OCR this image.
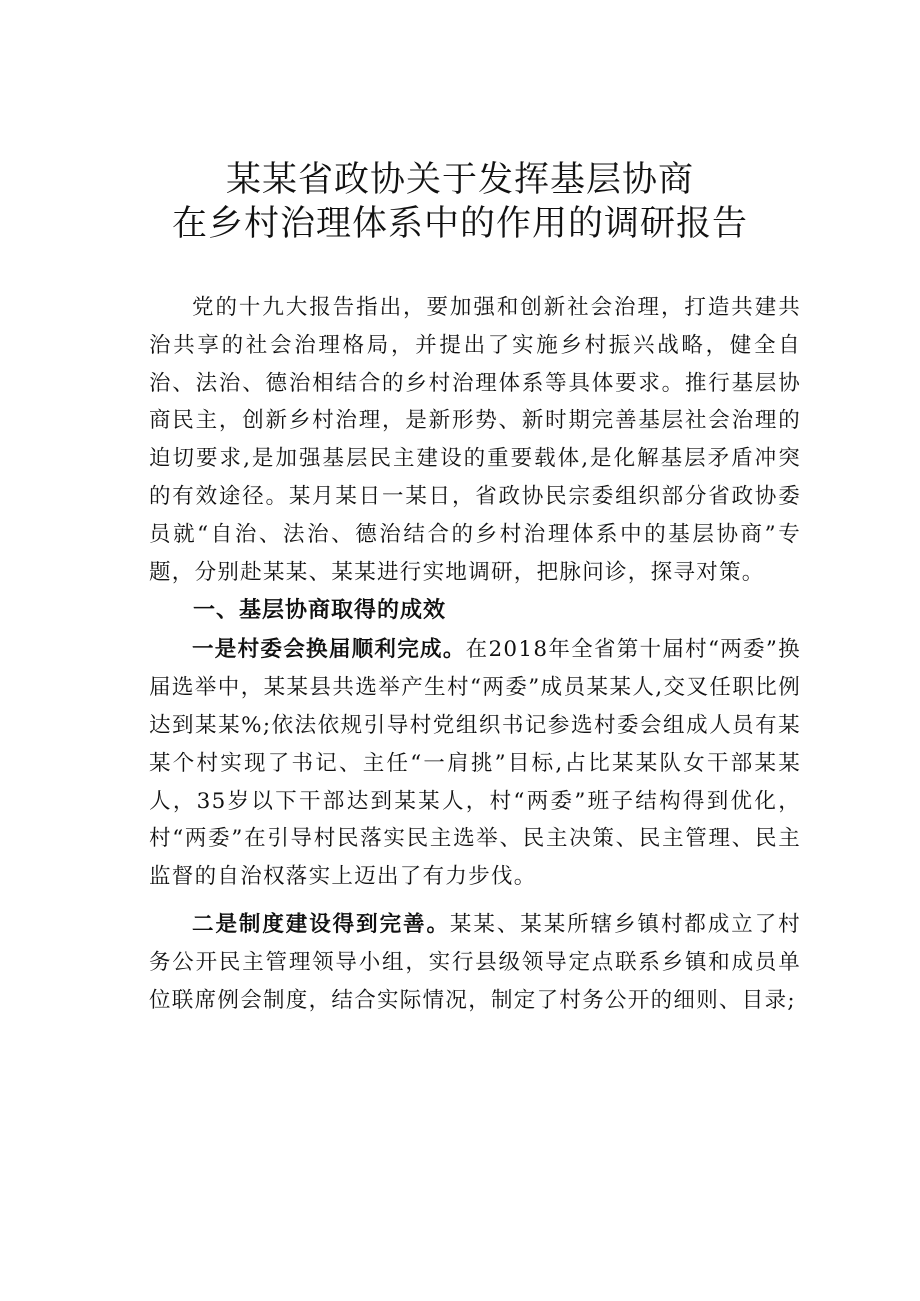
某某省政协关于发挥基层协商
在乡村治理体系中的作用的调研报告

党的十九大报告指出，要加强和创新社会治理，打造共建共治共享的社会治理格局，并提出了实施乡村振兴战略，健全自治、法治、德治相结合的乡村治理体系等具体要求。推行基层协商民主，创新乡村治理，是新形势、新时期完善基层社会治理的迫切要求,是加强基层民主建设的重要载体,是化解基层矛盾冲突的有效途径。某月某日一某日，省政协民宗委组织部分省政协委员就“自治、法治、德治结合的乡村治理体系中的基层协商”专题，分别赴某某、某某进行实地调研，把脉问诊，探寻对策。

一、基层协商取得的成效

一是村委会换届顺利完成。在2018年全省第十届村“两委”换届选举中，某某县共选举产生村“两委”成员某某人,交叉任职比例达到某某%;依法依规引导村党组织书记参选村委会组成人员有某某个村实现了书记、主任“一肩挑”目标,占比某某队女干部某某人，35岁以下干部达到某某人，村“两委”班子结构得到优化，村“两委”在引导村民落实民主选举、民主决策、民主管理、民主监督的自治权落实上迈出了有力步伐。

二是制度建设得到完善。某某、某某所辖乡镇村都成立了村务公开民主管理领导小组，实行县级领导定点联系乡镇和成员单位联席例会制度，结合实际情况，制定了村务公开的细则、目录;
